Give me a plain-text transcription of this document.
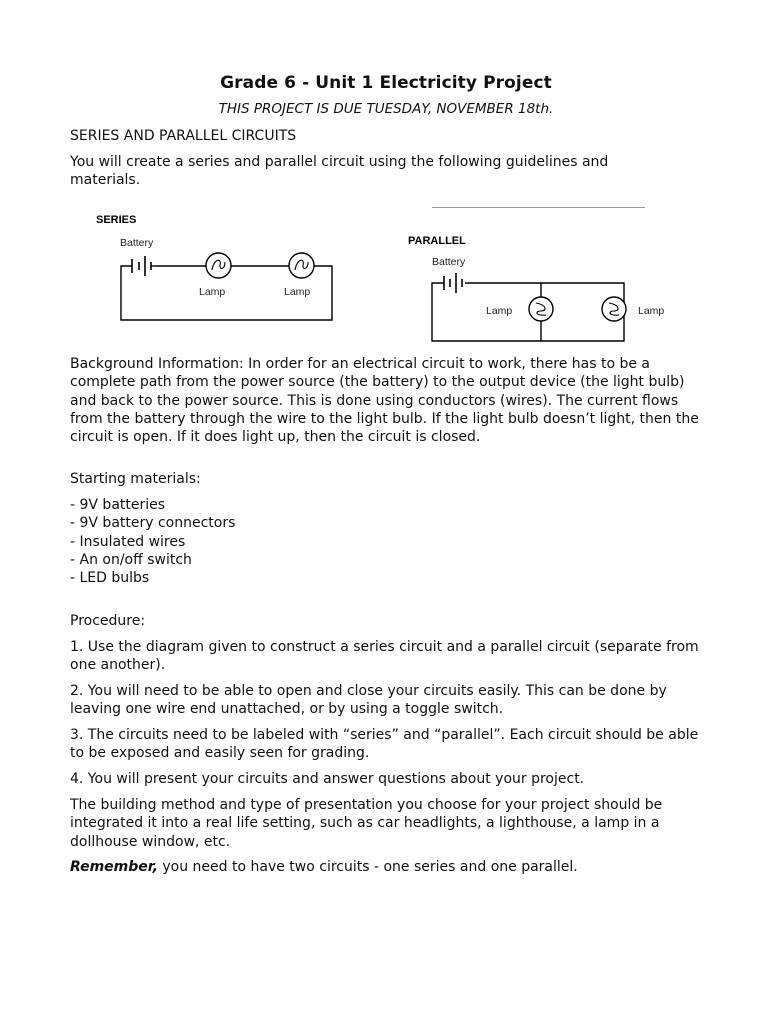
SERIES
Battery
Lamp	Lamp
PARALLEL
Battery
Lamp	Lamp
Grade 6 - Unit 1 Electricity Project
THIS PROJECT IS DUE TUESDAY, NOVEMBER 18th.
SERIES AND PARALLEL CIRCUITS

You will create a series and parallel circuit using the following guidelines and materials.

Background Information: In order for an electrical circuit to work, there has to be a complete path from the power source (the battery) to the output device (the light bulb) and back to the power source. This is done using conductors (wires). The current flows from the battery through the wire to the light bulb. If the light bulb doesn’t light, then the circuit is open. If it does light up, then the circuit is closed.

Starting materials:
- 9V batteries
- 9V battery connectors
- Insulated wires
- An on/off switch
- LED bulbs
Procedure:

1. Use the diagram given to construct a series circuit and a parallel circuit (separate from one another).

2. You will need to be able to open and close your circuits easily. This can be done by leaving one wire end unattached, or by using a toggle switch.

3. The circuits need to be labeled with “series” and “parallel”. Each circuit should be able to be exposed and easily seen for grading.

4. You will present your circuits and answer questions about your project.

The building method and type of presentation you choose for your project should be integrated it into a real life setting, such as car headlights, a lighthouse, a lamp in a dollhouse window, etc.

Remember, you need to have two circuits - one series and one parallel.
